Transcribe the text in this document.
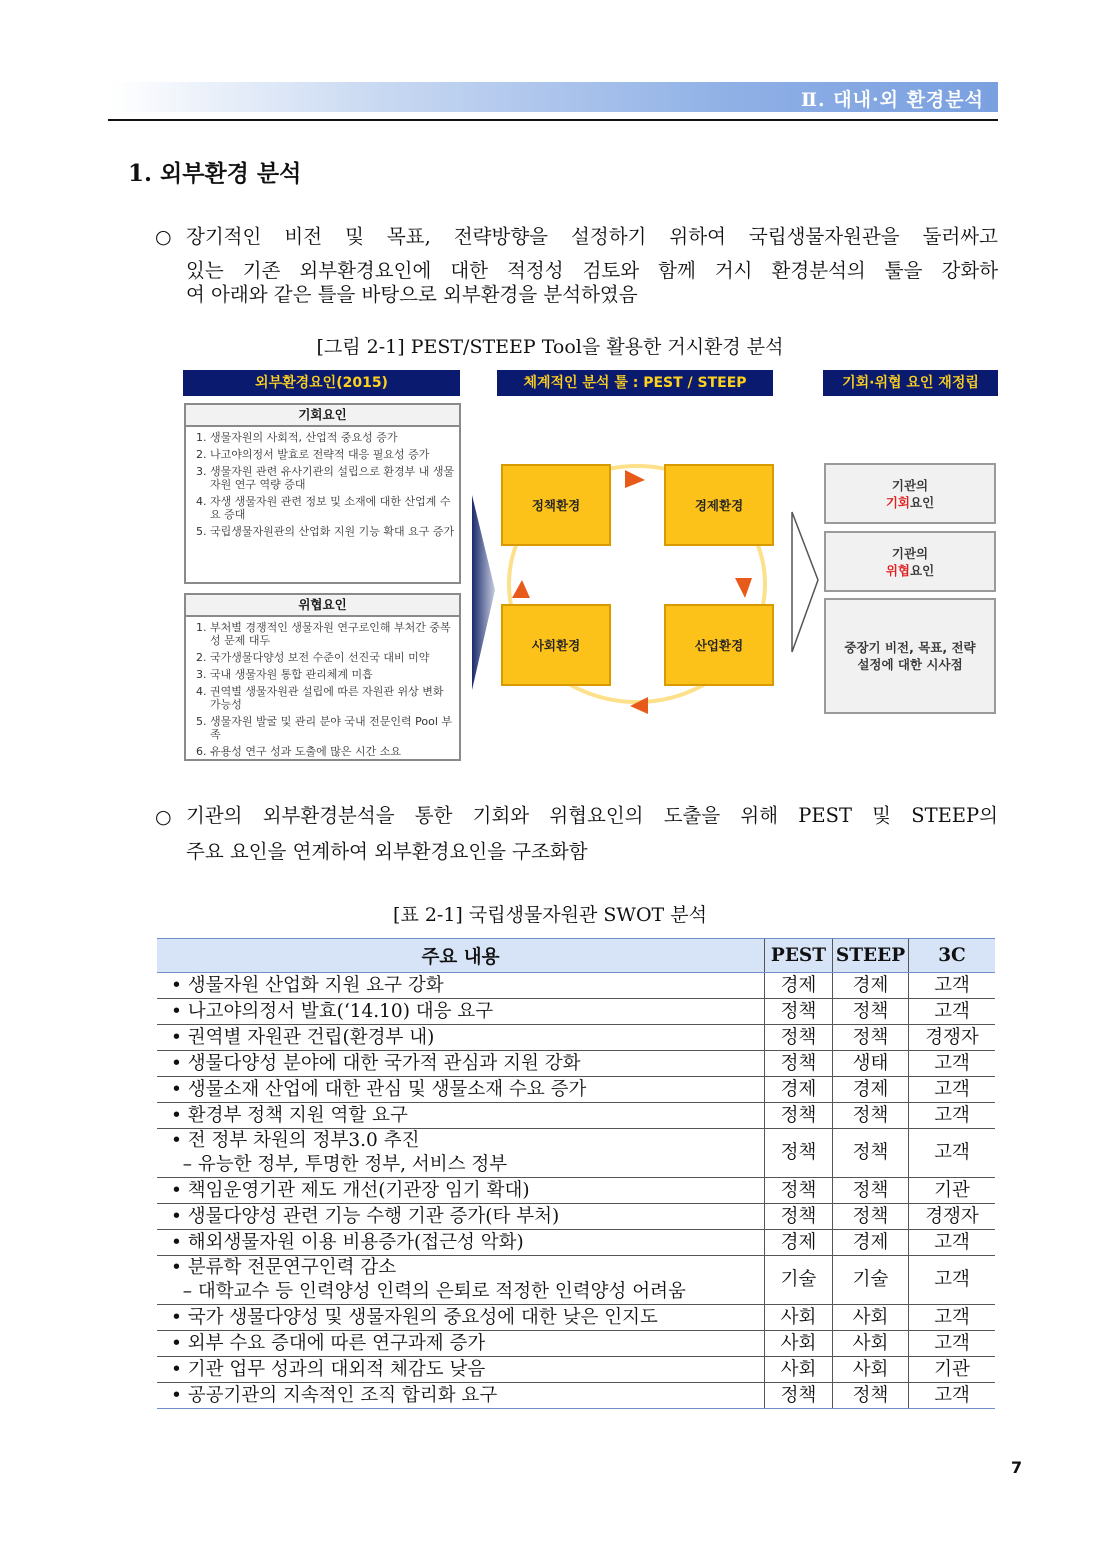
Ⅱ. 대내·외 환경분석
1. 외부환경 분석
○ 장기적인 비전 및 목표, 전략방향을 설정하기 위하여 국립생물자원관을 둘러싸고
있는 기존 외부환경요인에 대한 적정성 검토와 함께 거시 환경분석의 툴을 강화하
여 아래와 같은 틀을 바탕으로 외부환경을 분석하였음
[그림 2-1] PEST/STEEP Tool을 활용한 거시환경 분석
외부환경요인(2015)	체계적인 분석 툴 : PEST / STEEP	기회·위협 요인 재정립
기회요인
1. 생물자원의 사회적, 산업적 중요성 증가
2. 나고야의정서 발효로 전략적 대응 필요성 증가
3. 생물자원 관련 유사기관의 설립으로 환경부 내 생물자원 연구 역량 증대
4. 자생 생물자원 관련 정보 및 소재에 대한 산업계 수요 증대
5. 국립생물자원관의 산업화 지원 기능 확대 요구 증가
위협요인
1. 부처별 경쟁적인 생물자원 연구로인해 부처간 중복성 문제 대두
2. 국가생물다양성 보전 수준이 선진국 대비 미약
3. 국내 생물자원 통합 관리체계 미흡
4. 권역별 생물자원관 설립에 따른 자원관 위상 변화 가능성
5. 생물자원 발굴 및 관리 분야 국내 전문인력 Pool 부족
6. 유용성 연구 성과 도출에 많은 시간 소요
정책환경	경제환경
사회환경	산업환경
기관의
기회요인
기관의
위협요인
중장기 비전, 목표, 전략
설정에 대한 시사점
○ 기관의 외부환경분석을 통한 기회와 위협요인의 도출을 위해 PEST 및 STEEP의
주요 요인을 연계하여 외부환경요인을 구조화함
[표 2-1] 국립생물자원관 SWOT 분석
주요 내용	PEST	STEEP	3C

• 생물자원 산업화 지원 요구 강화	경제	경제	고객

• 나고야의정서 발효(‘14.10) 대응 요구	정책	정책	고객

• 권역별 자원관 건립(환경부 내)	정책	정책	경쟁자

• 생물다양성 분야에 대한 국가적 관심과 지원 강화	정책	생태	고객

• 생물소재 산업에 대한 관심 및 생물소재 수요 증가	경제	경제	고객

• 환경부 정책 지원 역할 요구	정책	정책	고객

• 전 정부 차원의 정부3.0 추진
– 유능한 정부, 투명한 정부, 서비스 정부	정책	정책	고객

• 책임운영기관 제도 개선(기관장 임기 확대)	정책	정책	기관

• 생물다양성 관련 기능 수행 기관 증가(타 부처)	정책	정책	경쟁자

• 해외생물자원 이용 비용증가(접근성 악화)	경제	경제	고객

• 분류학 전문연구인력 감소
– 대학교수 등 인력양성 인력의 은퇴로 적정한 인력양성 어려움	기술	기술	고객

• 국가 생물다양성 및 생물자원의 중요성에 대한 낮은 인지도	사회	사회	고객

• 외부 수요 증대에 따른 연구과제 증가	사회	사회	고객

• 기관 업무 성과의 대외적 체감도 낮음	사회	사회	기관

• 공공기관의 지속적인 조직 합리화 요구	정책	정책	고객
7
